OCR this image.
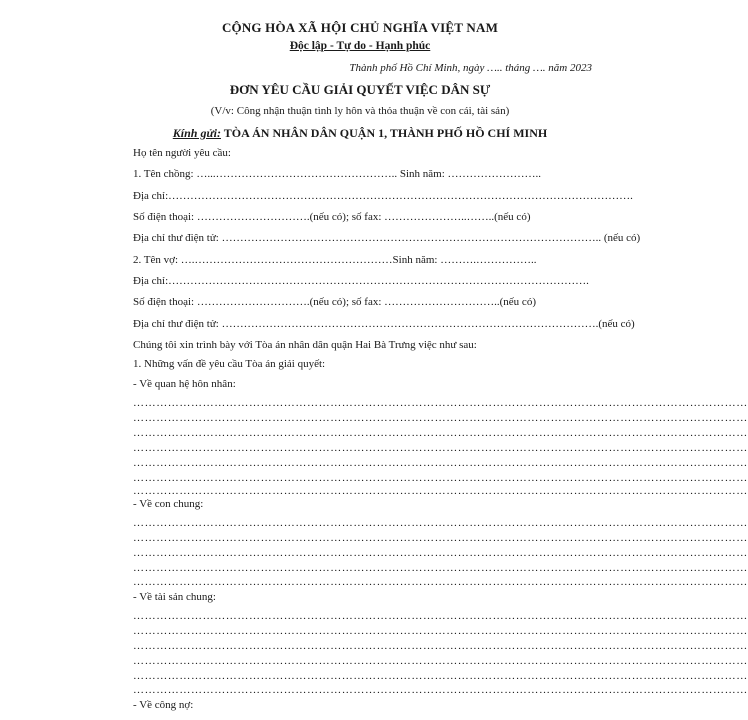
CỘNG HÒA XÃ HỘI CHỦ NGHĨA VIỆT NAM
Độc lập - Tự do - Hạnh phúc
Thành phố Hồ Chí Minh, ngày ….. tháng …. năm 2023
ĐƠN YÊU CẦU GIẢI QUYẾT VIỆC DÂN SỰ
(V/v: Công nhận thuận tình ly hôn và thỏa thuận về con cái, tài sản)
Kính gửi: TÒA ÁN NHÂN DÂN QUẬN 1, THÀNH PHỐ HỒ CHÍ MINH
Họ tên người yêu cầu:
1. Tên chồng: …...………………………………………….. Sinh năm: ……………………..
Địa chỉ:……………………………………………………………………………………………………………….
Số điện thoại: ………………………….(nếu có); số fax: …………………..……..(nếu có)
Địa chỉ thư điện tử: ………………………………………………………………………………………….. (nếu có)
2. Tên vợ: ….………………………………………………Sinh năm: ……….……………..
Địa chỉ:…………………………………………………………………………………………………….
Số điện thoại: ………………………….(nếu có); số fax: …………………………..(nếu có)
Địa chỉ thư điện tử: ………………………………………………………………………………………….(nếu có)
Chúng tôi xin trình bày với Tòa án nhân dân quận Hai Bà Trưng việc như sau:
1. Những vấn đề yêu cầu Tòa án giải quyết:
- Về quan hệ hôn nhân:
……………………………………………………………………………………………………………………………………………
……………………………………………………………………………………………………………………………………………
……………………………………………………………………………………………………………………………………………
……………………………………………………………………………………………………………………………………………
……………………………………………………………………………………………………………………………………………
……………………………………………………………………………………………………………………………………………
……………………………………………………………………………………………………………………………………………
- Về con chung:
……………………………………………………………………………………………………………………………………………
……………………………………………………………………………………………………………………………………………
……………………………………………………………………………………………………………………………………………
……………………………………………………………………………………………………………………………………………
……………………………………………………………………………………………………………………………………………
- Về tài sản chung:
……………………………………………………………………………………………………………………………………………
……………………………………………………………………………………………………………………………………………
……………………………………………………………………………………………………………………………………………
……………………………………………………………………………………………………………………………………………
……………………………………………………………………………………………………………………………………………
……………………………………………………………………………………………………………………………………………
- Về công nợ:
